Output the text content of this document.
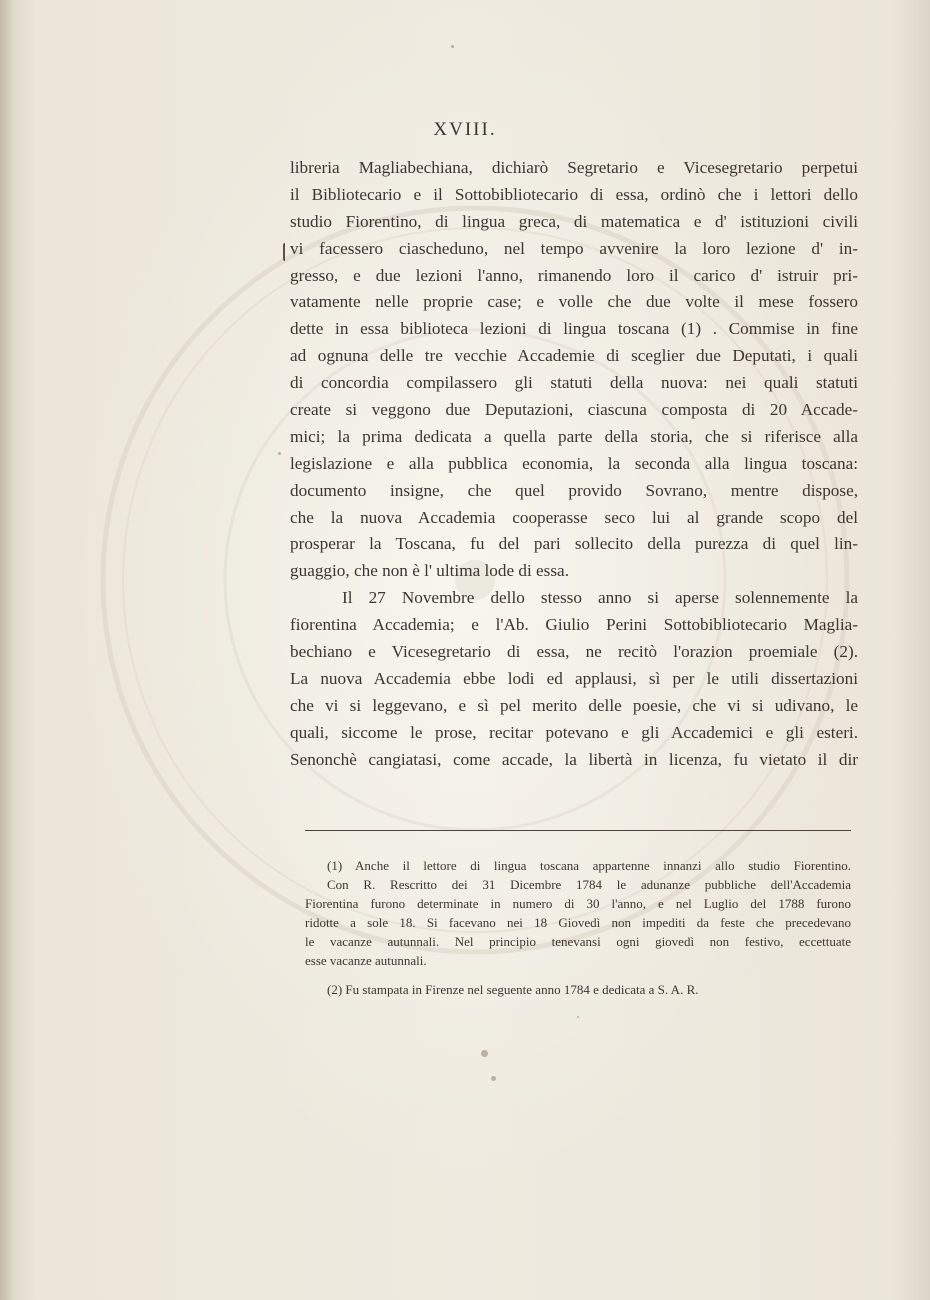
XVIII.
libreria Magliabechiana, dichiarò Segretario e Vicesegretario perpetui
il Bibliotecario e il Sottobibliotecario di essa, ordinò che i lettori dello
studio Fiorentino, di lingua greca, di matematica e d' istituzioni civili
vi facessero ciascheduno, nel tempo avvenire la loro lezione d' in-
gresso, e due lezioni l'anno, rimanendo loro il carico d' istruir pri-
vatamente nelle proprie case; e volle che due volte il mese fossero
dette in essa biblioteca lezioni di lingua toscana (1) . Commise in fine
ad ognuna delle tre vecchie Accademie di sceglier due Deputati, i quali
di concordia compilassero gli statuti della nuova: nei quali statuti
create si veggono due Deputazioni, ciascuna composta di 20 Accade-
mici; la prima dedicata a quella parte della storia, che si riferisce alla
legislazione e alla pubblica economia, la seconda alla lingua toscana:
documento insigne, che quel provido Sovrano, mentre dispose,
che la nuova Accademia cooperasse seco lui al grande scopo del
prosperar la Toscana, fu del pari sollecito della purezza di quel lin-
guaggio, che non è l' ultima lode di essa.
Il 27 Novembre dello stesso anno si aperse solennemente la
fiorentina Accademia; e l'Ab. Giulio Perini Sottobibliotecario Maglia-
bechiano e Vicesegretario di essa, ne recitò l'orazion proemiale (2).
La nuova Accademia ebbe lodi ed applausi, sì per le utili dissertazioni
che vi si leggevano, e sì pel merito delle poesie, che vi si udivano, le
quali, siccome le prose, recitar potevano e gli Accademici e gli esteri.
Senonchè cangiatasi, come accade, la libertà in licenza, fu vietato il dir
(1) Anche il lettore di lingua toscana appartenne innanzi allo studio Fiorentino.
Con R. Rescritto dei 31 Dicembre 1784 le adunanze pubbliche dell'Accademia
Fiorentina furono determinate in numero di 30 l'anno, e nel Luglio del 1788 furono
ridotte a sole 18. Si facevano nei 18 Giovedì non impediti da feste che precedevano
le vacanze autunnali. Nel principio tenevansi ogni giovedì non festivo, eccettuate
esse vacanze autunnali.
(2) Fu stampata in Firenze nel seguente anno 1784 e dedicata a S. A. R.
